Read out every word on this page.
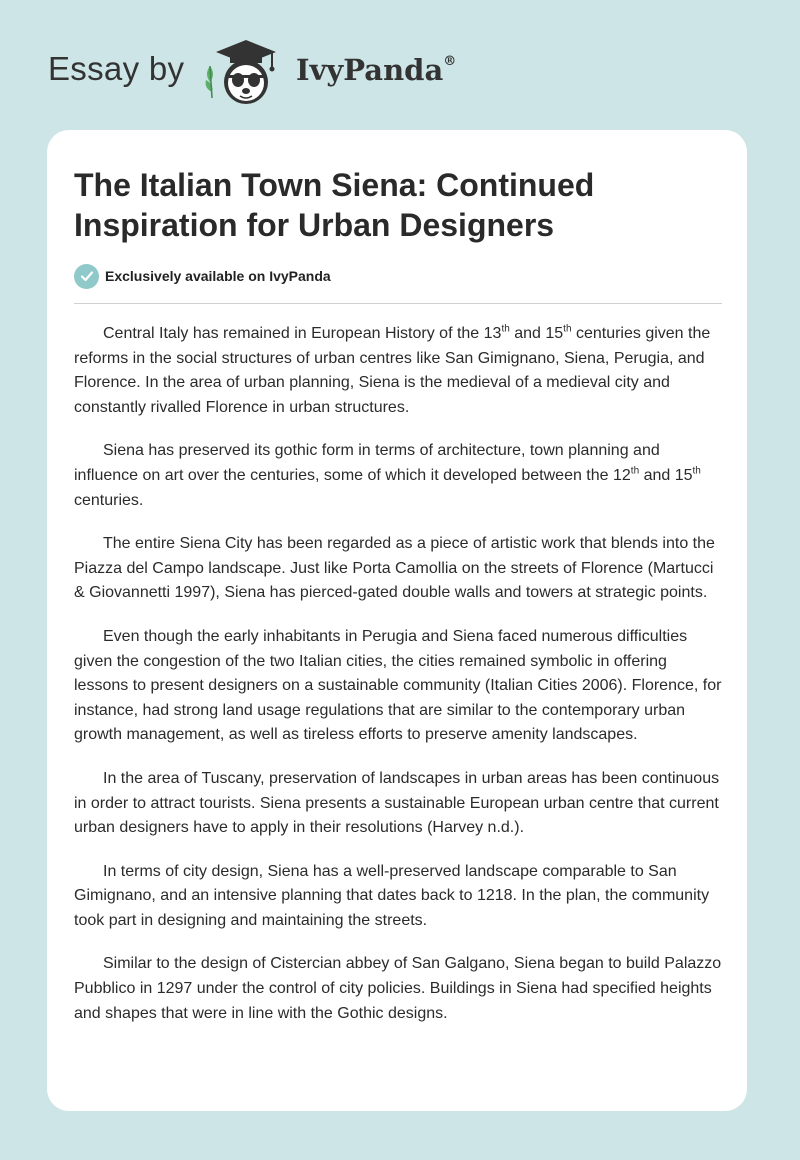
Essay by	IvyPanda®
The Italian Town Siena: Continued Inspiration for Urban Designers
Exclusively available on IvyPanda

Central Italy has remained in European History of the 13th and 15th centuries given the reforms in the social structures of urban centres like San Gimignano, Siena, Perugia, and Florence. In the area of urban planning, Siena is the medieval of a medieval city and constantly rivalled Florence in urban structures.

Siena has preserved its gothic form in terms of architecture, town planning and influence on art over the centuries, some of which it developed between the 12th and 15th centuries.

The entire Siena City has been regarded as a piece of artistic work that blends into the Piazza del Campo landscape. Just like Porta Camollia on the streets of Florence (Martucci & Giovannetti 1997), Siena has pierced-gated double walls and towers at strategic points.

Even though the early inhabitants in Perugia and Siena faced numerous difficulties given the congestion of the two Italian cities, the cities remained symbolic in offering lessons to present designers on a sustainable community (Italian Cities 2006). Florence, for instance, had strong land usage regulations that are similar to the contemporary urban growth management, as well as tireless efforts to preserve amenity landscapes.

In the area of Tuscany, preservation of landscapes in urban areas has been continuous in order to attract tourists. Siena presents a sustainable European urban centre that current urban designers have to apply in their resolutions (Harvey n.d.).

In terms of city design, Siena has a well-preserved landscape comparable to San Gimignano, and an intensive planning that dates back to 1218. In the plan, the community took part in designing and maintaining the streets.

Similar to the design of Cistercian abbey of San Galgano, Siena began to build Palazzo Pubblico in 1297 under the control of city policies. Buildings in Siena had specified heights and shapes that were in line with the Gothic designs.
